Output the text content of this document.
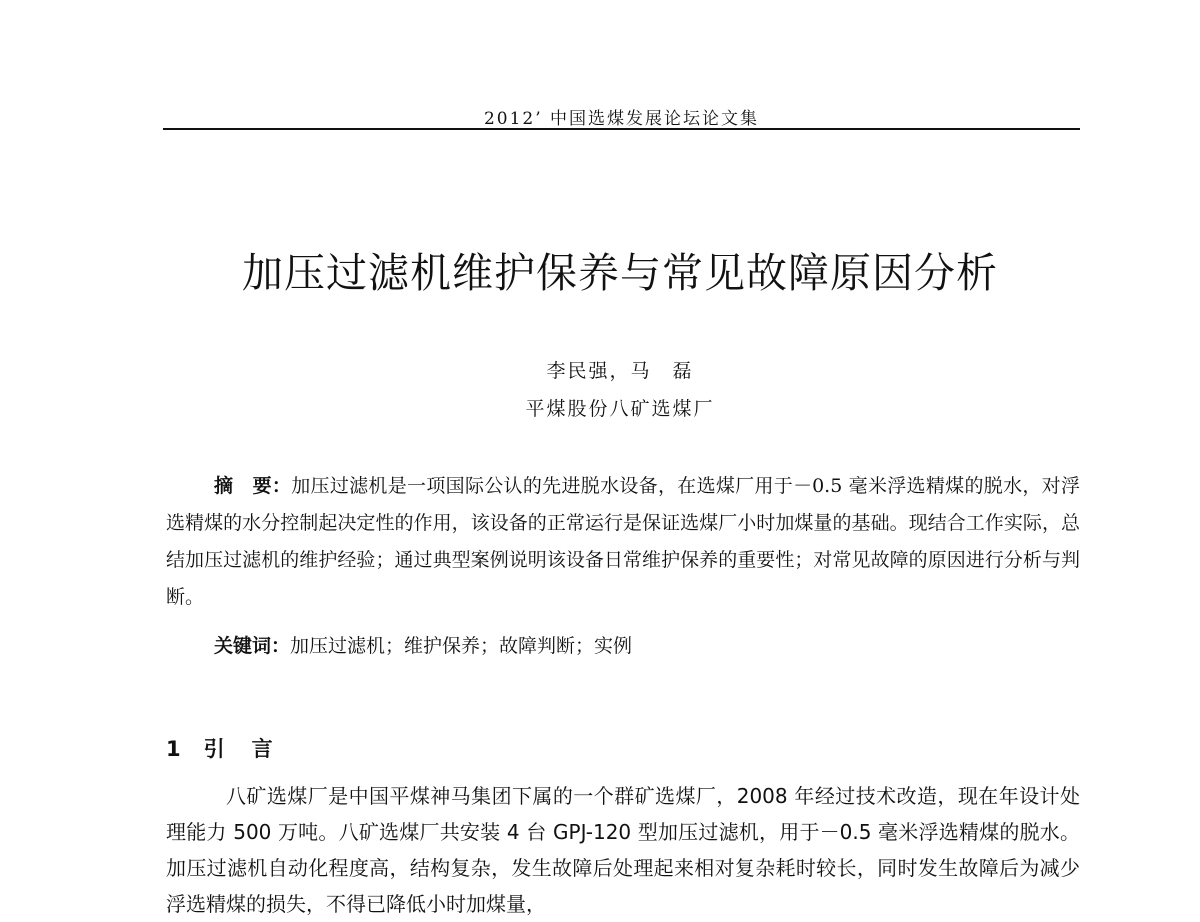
2012’ 中国选煤发展论坛论文集
加压过滤机维护保养与常见故障原因分析
李民强，马　磊
平煤股份八矿选煤厂
摘　要：加压过滤机是一项国际公认的先进脱水设备，在选煤厂用于－0.5 毫米浮选精煤的脱水，对浮选精煤的水分控制起决定性的作用，该设备的正常运行是保证选煤厂小时加煤量的基础。现结合工作实际，总结加压过滤机的维护经验；通过典型案例说明该设备日常维护保养的重要性；对常见故障的原因进行分析与判断。
关键词：加压过滤机；维护保养；故障判断；实例
1 引　言
八矿选煤厂是中国平煤神马集团下属的一个群矿选煤厂，2008 年经过技术改造，现在年设计处理能力 500 万吨。八矿选煤厂共安装 4 台 GPJ-120 型加压过滤机，用于－0.5 毫米浮选精煤的脱水。加压过滤机自动化程度高，结构复杂，发生故障后处理起来相对复杂耗时较长，同时发生故障后为减少浮选精煤的损失，不得已降低小时加煤量，
